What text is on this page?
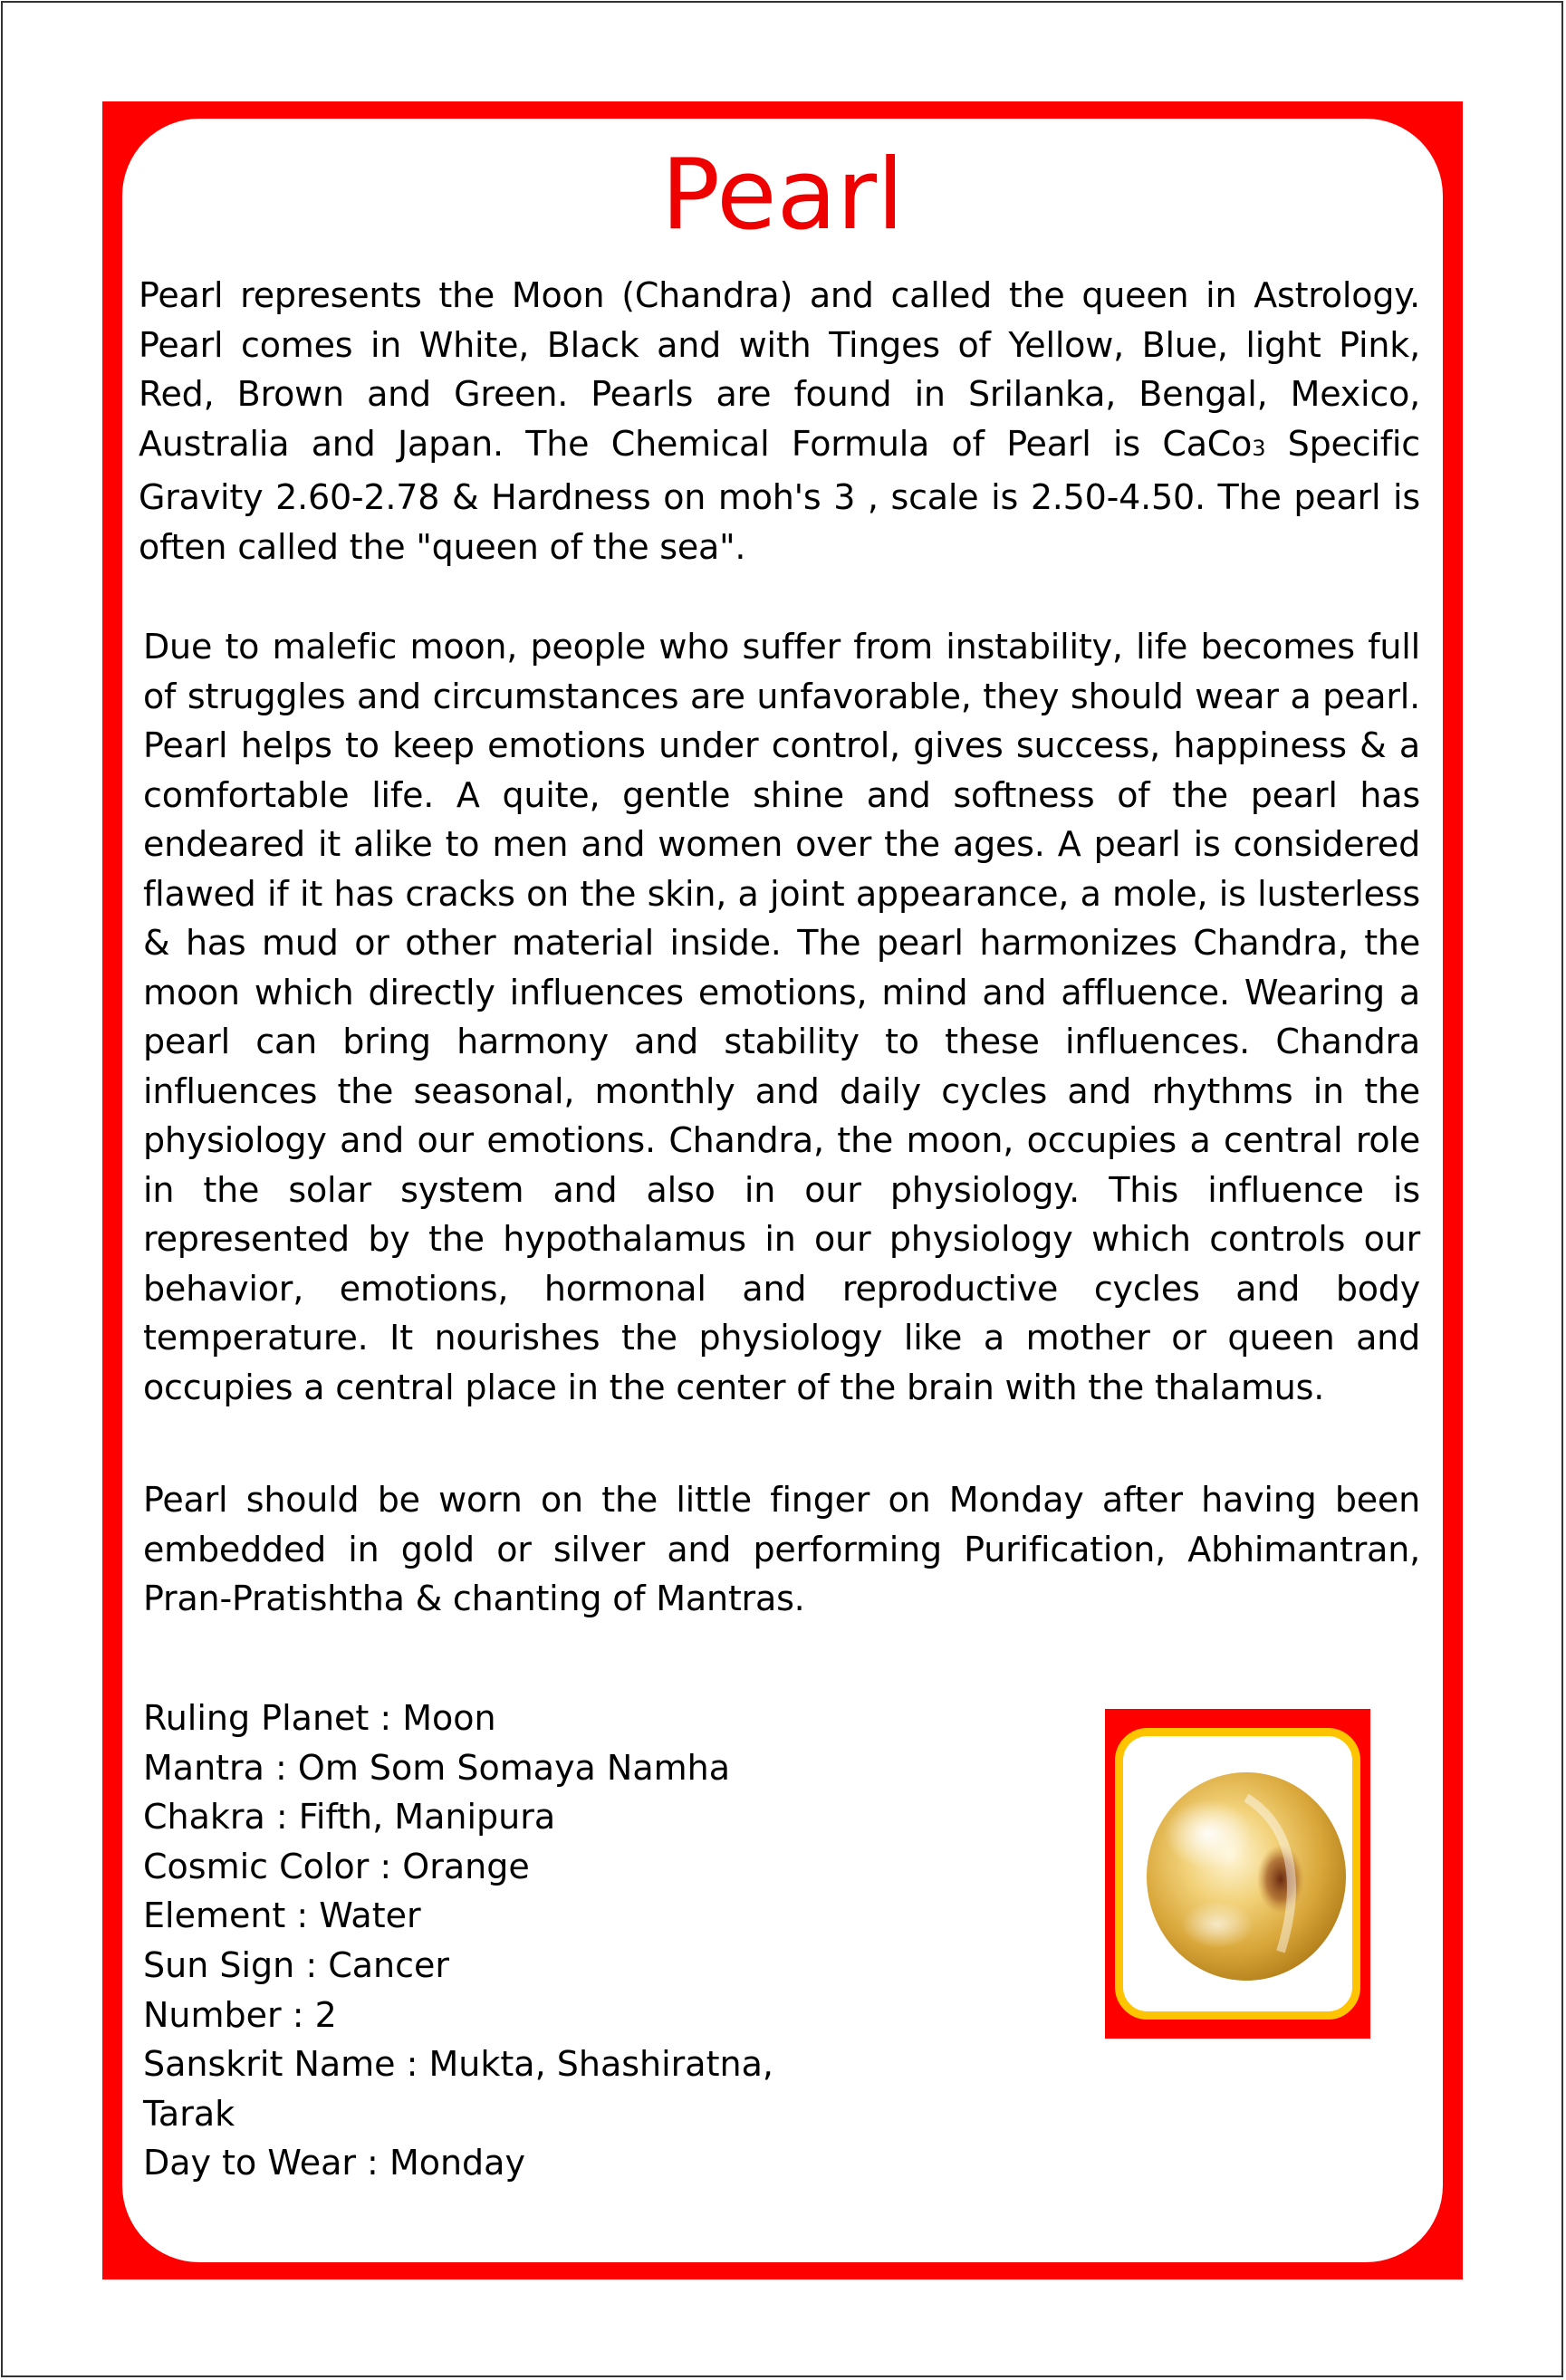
Pearl

Pearl represents the Moon (Chandra) and called the queen in Astrology. Pearl comes in White, Black and with Tinges of Yellow, Blue, light Pink, Red, Brown and Green. Pearls are found in Srilanka, Bengal, Mexico, Australia and Japan. The Chemical Formula of Pearl is CaCo3 Specific Gravity 2.60-2.78 & Hardness on moh's 3 , scale is 2.50-4.50. The pearl is often called the "queen of the sea".

Due to malefic moon, people who suffer from instability, life becomes full of struggles and circumstances are unfavorable, they should wear a pearl. Pearl helps to keep emotions under control, gives success, happiness & a comfortable life. A quite, gentle shine and softness of the pearl has endeared it alike to men and women over the ages. A pearl is considered flawed if it has cracks on the skin, a joint appearance, a mole, is lusterless & has mud or other material inside. The pearl harmonizes Chandra, the moon which directly influences emotions, mind and affluence. Wearing a pearl can bring harmony and stability to these influences. Chandra influences the seasonal, monthly and daily cycles and rhythms in the physiology and our emotions. Chandra, the moon, occupies a central role in the solar system and also in our physiology. This influence is represented by the hypothalamus in our physiology which controls our behavior, emotions, hormonal and reproductive cycles and body temperature. It nourishes the physiology like a mother or queen and occupies a central place in the center of the brain with the thalamus.

Pearl should be worn on the little finger on Monday after having been embedded in gold or silver and performing Purification, Abhimantran, Pran-Pratishtha & chanting of Mantras.

Ruling Planet : Moon
Mantra : Om Som Somaya Namha
Chakra : Fifth, Manipura
Cosmic Color : Orange
Element : Water
Sun Sign : Cancer
Number : 2
Sanskrit Name : Mukta, Shashiratna,
Tarak
Day to Wear : Monday
